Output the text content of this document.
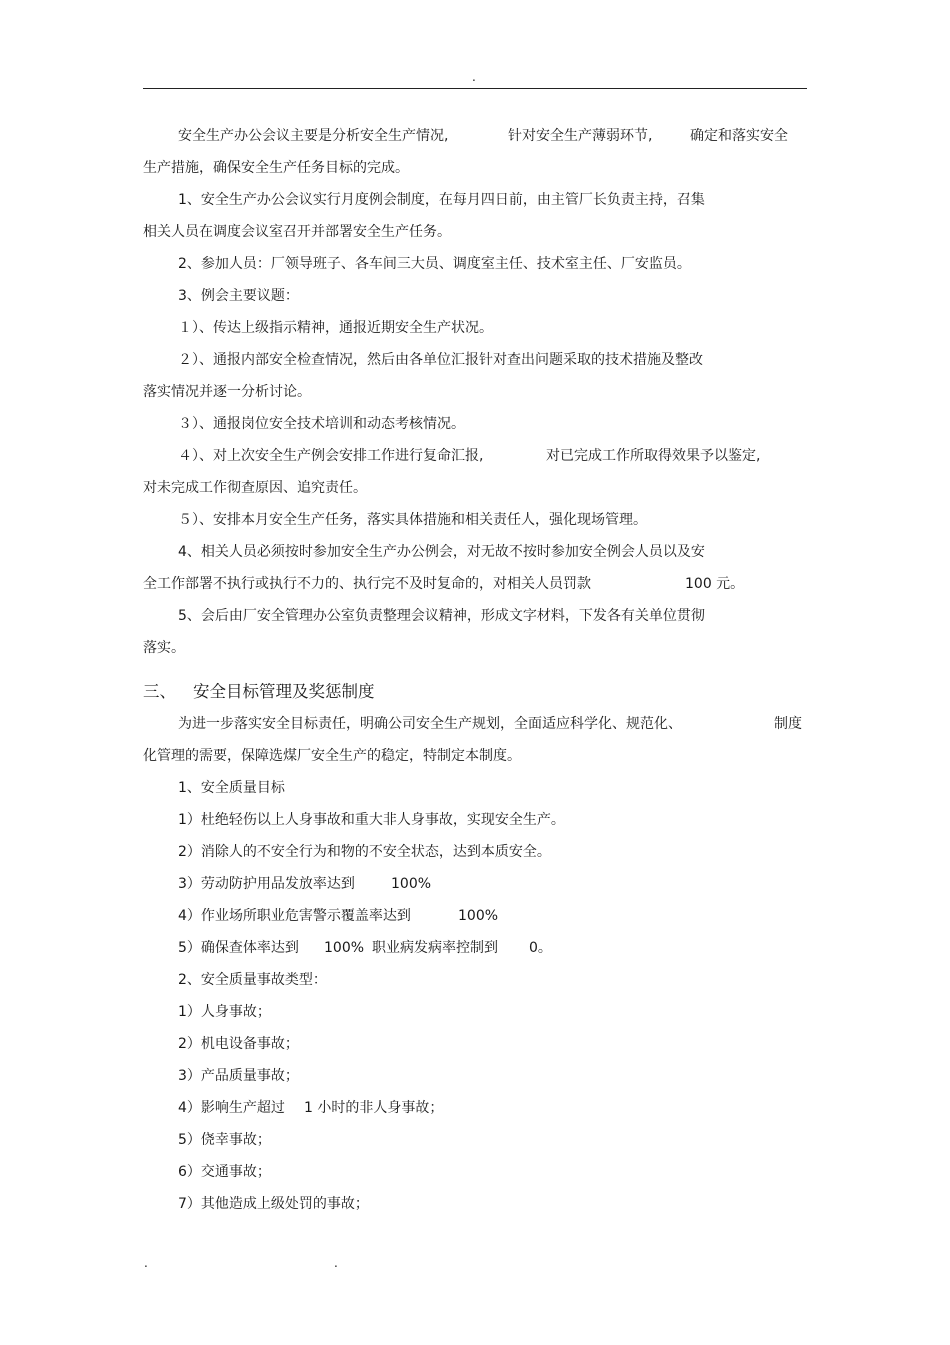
.
安全生产办公会议主要是分析安全生产情况,	针对安全生产薄弱环节,	确定和落实安全
生产措施，确保安全生产任务目标的完成。
1、安全生产办公会议实行月度例会制度，在每月四日前，由主管厂长负责主持，召集
相关人员在调度会议室召开并部署安全生产任务。
2、参加人员：厂领导班子、各车间三大员、调度室主任、技术室主任、厂安监员。
3、例会主要议题：
１）、传达上级指示精神，通报近期安全生产状况。
２）、通报内部安全检查情况，然后由各单位汇报针对查出问题采取的技术措施及整改
落实情况并逐一分析讨论。
３）、通报岗位安全技术培训和动态考核情况。
４）、对上次安全生产例会安排工作进行复命汇报,	对已完成工作所取得效果予以鉴定,
对未完成工作彻查原因、追究责任。
５）、安排本月安全生产任务，落实具体措施和相关责任人，强化现场管理。
4、相关人员必须按时参加安全生产办公例会，对无故不按时参加安全例会人员以及安
全工作部署不执行或执行不力的、执行完不及时复命的，对相关人员罚款	100 元。
5、会后由厂安全管理办公室负责整理会议精神，形成文字材料，下发各有关单位贯彻
落实。
三、 安全目标管理及奖惩制度
为进一步落实安全目标责任，明确公司安全生产规划，全面适应科学化、规范化、	制度
化管理的需要，保障选煤厂安全生产的稳定，特制定本制度。
1、安全质量目标
1）杜绝轻伤以上人身事故和重大非人身事故，实现安全生产。
2）消除人的不安全行为和物的不安全状态，达到本质安全。
3）劳动防护用品发放率达到	100%
4）作业场所职业危害警示覆盖率达到	100%
5）确保查体率达到 100% 职业病发病率控制到 0。
2、安全质量事故类型：
1）人身事故；
2）机电设备事故；
3）产品质量事故；
4）影响生产超过 1 小时的非人身事故；
5）侥幸事故；
6）交通事故；
7）其他造成上级处罚的事故；
.	.
